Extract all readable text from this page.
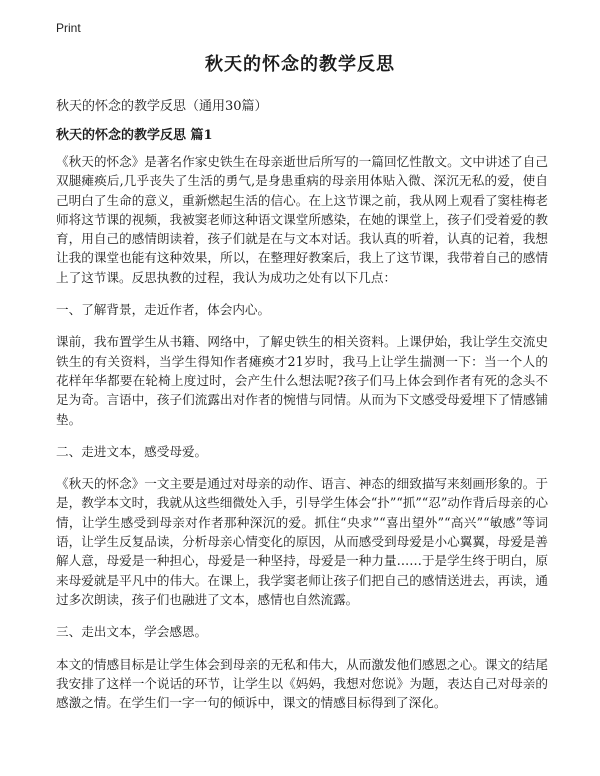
Print
秋天的怀念的教学反思

秋天的怀念的教学反思（通用30篇）

秋天的怀念的教学反思 篇1

《秋天的怀念》是著名作家史铁生在母亲逝世后所写的一篇回忆性散文。文中讲述了自己双腿瘫痪后,几乎丧失了生活的勇气,是身患重病的母亲用体贴入微、深沉无私的爱，使自己明白了生命的意义，重新燃起生活的信心。在上这节课之前，我从网上观看了窦桂梅老师将这节课的视频，我被窦老师这种语文课堂所感染，在她的课堂上，孩子们受着爱的教育，用自己的感情朗读着，孩子们就是在与文本对话。我认真的听着，认真的记着，我想让我的课堂也能有这种效果，所以，在整理好教案后，我上了这节课，我带着自己的感情上了这节课。反思执教的过程，我认为成功之处有以下几点：

一、了解背景，走近作者，体会内心。

课前，我布置学生从书籍、网络中，了解史铁生的相关资料。上课伊始，我让学生交流史铁生的有关资料，当学生得知作者瘫痪才21岁时，我马上让学生揣测一下：当一个人的花样年华都要在轮椅上度过时，会产生什么想法呢?孩子们马上体会到作者有死的念头不足为奇。言语中，孩子们流露出对作者的惋惜与同情。从而为下文感受母爱埋下了情感铺垫。

二、走进文本，感受母爱。

《秋天的怀念》一文主要是通过对母亲的动作、语言、神态的细致描写来刻画形象的。于是，教学本文时，我就从这些细微处入手，引导学生体会“扑”“抓”“忍”动作背后母亲的心情，让学生感受到母亲对作者那种深沉的爱。抓住“央求”“喜出望外”“高兴”“敏感”等词语，让学生反复品读，分析母亲心情变化的原因，从而感受到母爱是小心翼翼，母爱是善解人意，母爱是一种担心，母爱是一种坚持，母爱是一种力量……于是学生终于明白，原来母爱就是平凡中的伟大。在课上，我学窦老师让孩子们把自己的感情送进去，再读，通过多次朗读，孩子们也融进了文本，感情也自然流露。

三、走出文本，学会感恩。

本文的情感目标是让学生体会到母亲的无私和伟大，从而激发他们感恩之心。课文的结尾我安排了这样一个说话的环节，让学生以《妈妈，我想对您说》为题，表达自己对母亲的感激之情。在学生们一字一句的倾诉中，课文的情感目标得到了深化。
